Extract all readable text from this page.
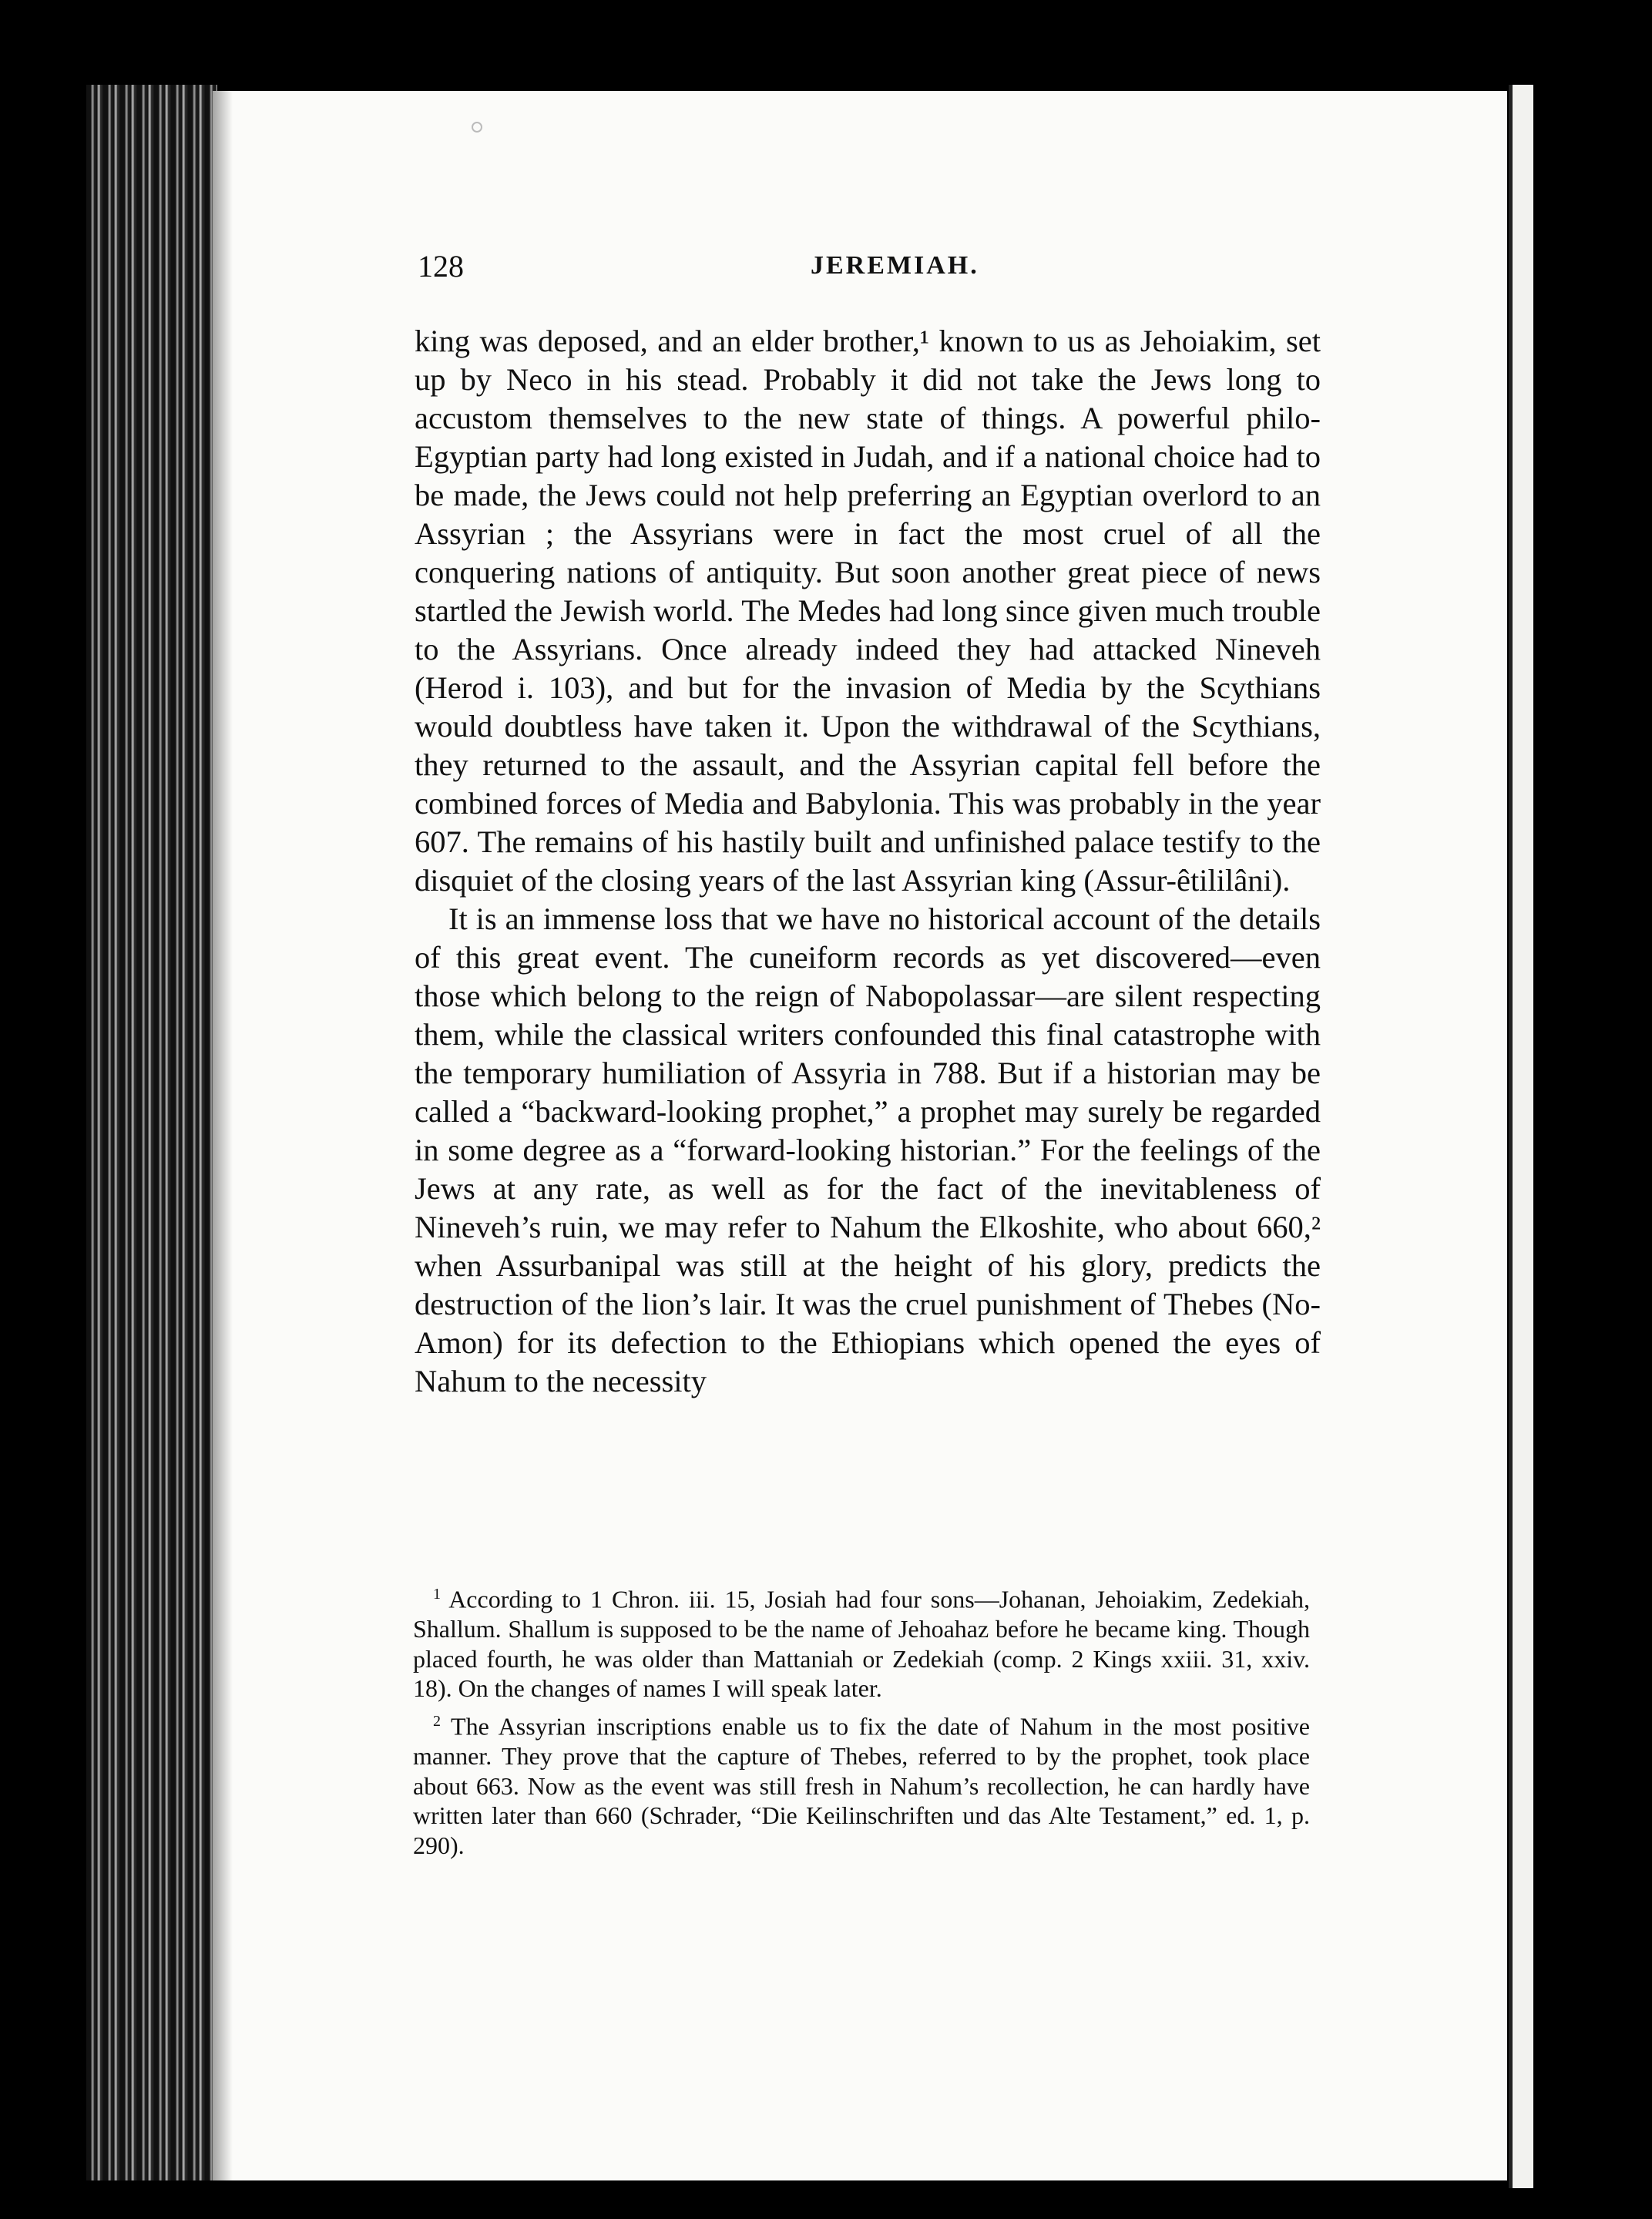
128	JEREMIAH.

king was deposed, and an elder brother,¹ known to us as Jehoiakim, set up by Neco in his stead. Probably it did not take the Jews long to accustom themselves to the new state of things. A powerful philo-Egyptian party had long existed in Judah, and if a national choice had to be made, the Jews could not help preferring an Egyptian overlord to an Assyrian ; the Assyrians were in fact the most cruel of all the conquering nations of antiquity. But soon another great piece of news startled the Jewish world. The Medes had long since given much trouble to the Assyrians. Once already indeed they had attacked Nineveh (Herod i. 103), and but for the invasion of Media by the Scythians would doubtless have taken it. Upon the withdrawal of the Scythians, they returned to the assault, and the Assyrian capital fell before the combined forces of Media and Babylonia. This was probably in the year 607. The remains of his hastily built and unfinished palace testify to the disquiet of the closing years of the last Assyrian king (Assur-êtililâni).

It is an immense loss that we have no historical account of the details of this great event. The cuneiform records as yet discovered—even those which belong to the reign of Nabopolassar—are silent respecting them, while the classical writers confounded this final catastrophe with the temporary humiliation of Assyria in 788. But if a historian may be called a “backward-looking prophet,” a prophet may surely be regarded in some degree as a “forward-looking historian.” For the feelings of the Jews at any rate, as well as for the fact of the inevitableness of Nineveh’s ruin, we may refer to Nahum the Elkoshite, who about 660,² when Assurbanipal was still at the height of his glory, predicts the destruction of the lion’s lair. It was the cruel punishment of Thebes (No-Amon) for its defection to the Ethiopians which opened the eyes of Nahum to the necessity

$^1$ According to 1 Chron. iii. 15, Josiah had four sons—Johanan, Jehoiakim, Zedekiah, Shallum. Shallum is supposed to be the name of Jehoahaz before he became king. Though placed fourth, he was older than Mattaniah or Zedekiah (comp. 2 Kings xxiii. 31, xxiv. 18). On the changes of names I will speak later.

$^2$ The Assyrian inscriptions enable us to fix the date of Nahum in the most positive manner. They prove that the capture of Thebes, referred to by the prophet, took place about 663. Now as the event was still fresh in Nahum’s recollection, he can hardly have written later than 660 (Schrader, “Die Keilinschriften und das Alte Testament,” ed. 1, p. 290).
